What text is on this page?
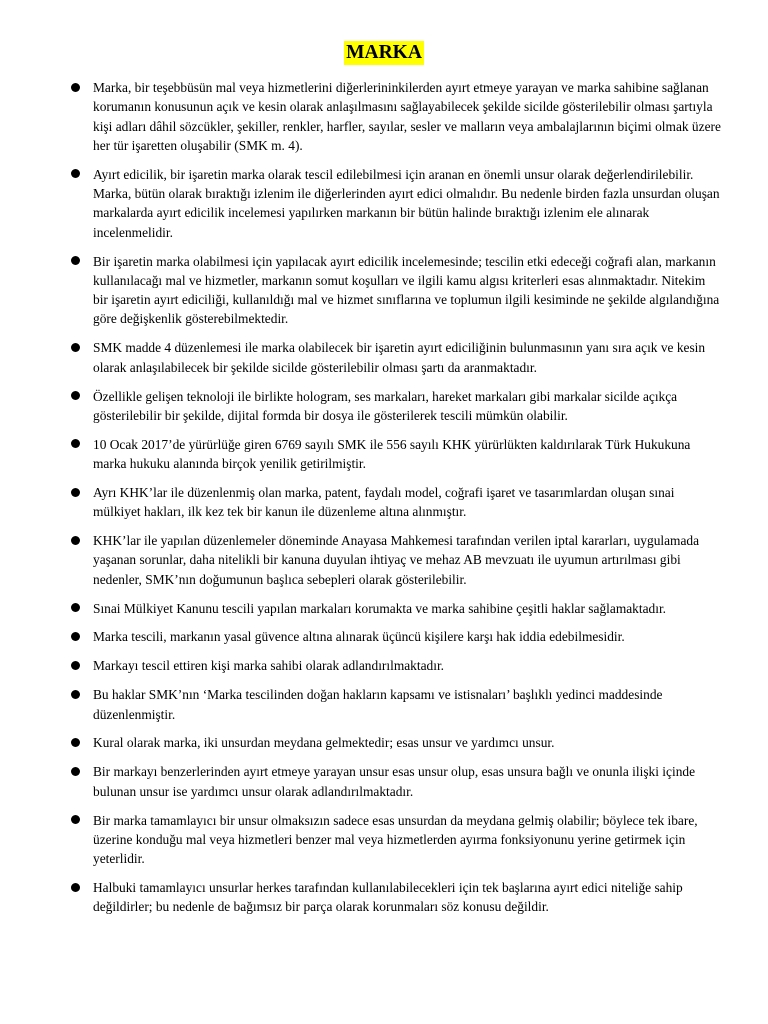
MARKA
Marka, bir teşebbüsün mal veya hizmetlerini diğerlerininkilerden ayırt etmeye yarayan ve marka sahibine sağlanan korumanın konusunun açık ve kesin olarak anlaşılmasını sağlayabilecek şekilde sicilde gösterilebilir olması şartıyla kişi adları dâhil sözcükler, şekiller, renkler, harfler, sayılar, sesler ve malların veya ambalajlarının biçimi olmak üzere her tür işaretten oluşabilir (SMK m. 4).
Ayırt edicilik, bir işaretin marka olarak tescil edilebilmesi için aranan en önemli unsur olarak değerlendirilebilir. Marka, bütün olarak bıraktığı izlenim ile diğerlerinden ayırt edici olmalıdır. Bu nedenle birden fazla unsurdan oluşan markalarda ayırt edicilik incelemesi yapılırken markanın bir bütün halinde bıraktığı izlenim ele alınarak incelenmelidir.
Bir işaretin marka olabilmesi için yapılacak ayırt edicilik incelemesinde; tescilin etki edeceği coğrafi alan, markanın kullanılacağı mal ve hizmetler, markanın somut koşulları ve ilgili kamu algısı kriterleri esas alınmaktadır. Nitekim bir işaretin ayırt ediciliği, kullanıldığı mal ve hizmet sınıflarına ve toplumun ilgili kesiminde ne şekilde algılandığına göre değişkenlik gösterebilmektedir.
SMK madde 4 düzenlemesi ile marka olabilecek bir işaretin ayırt ediciliğinin bulunmasının yanı sıra açık ve kesin olarak anlaşılabilecek bir şekilde sicilde gösterilebilir olması şartı da aranmaktadır.
Özellikle gelişen teknoloji ile birlikte hologram, ses markaları, hareket markaları gibi markalar sicilde açıkça gösterilebilir bir şekilde, dijital formda bir dosya ile gösterilerek tescili mümkün olabilir.
10 Ocak 2017’de yürürlüğe giren 6769 sayılı SMK ile 556 sayılı KHK yürürlükten kaldırılarak Türk Hukukuna marka hukuku alanında birçok yenilik getirilmiştir.
Ayrı KHK’lar ile düzenlenmiş olan marka, patent, faydalı model, coğrafi işaret ve tasarımlardan oluşan sınai mülkiyet hakları, ilk kez tek bir kanun ile düzenleme altına alınmıştır.
KHK’lar ile yapılan düzenlemeler döneminde Anayasa Mahkemesi tarafından verilen iptal kararları, uygulamada yaşanan sorunlar, daha nitelikli bir kanuna duyulan ihtiyaç ve mehaz AB mevzuatı ile uyumun artırılması gibi nedenler, SMK’nın doğumunun başlıca sebepleri olarak gösterilebilir.
Sınai Mülkiyet Kanunu tescili yapılan markaları korumakta ve marka sahibine çeşitli haklar sağlamaktadır.
Marka tescili, markanın yasal güvence altına alınarak üçüncü kişilere karşı hak iddia edebilmesidir.
Markayı tescil ettiren kişi marka sahibi olarak adlandırılmaktadır.
Bu haklar SMK’nın ‘Marka tescilinden doğan hakların kapsamı ve istisnaları’ başlıklı yedinci maddesinde düzenlenmiştir.
Kural olarak marka, iki unsurdan meydana gelmektedir; esas unsur ve yardımcı unsur.
Bir markayı benzerlerinden ayırt etmeye yarayan unsur esas unsur olup, esas unsura bağlı ve onunla ilişki içinde bulunan unsur ise yardımcı unsur olarak adlandırılmaktadır.
Bir marka tamamlayıcı bir unsur olmaksızın sadece esas unsurdan da meydana gelmiş olabilir; böylece tek ibare, üzerine konduğu mal veya hizmetleri benzer mal veya hizmetlerden ayırma fonksiyonunu yerine getirmek için yeterlidir.
Halbuki tamamlayıcı unsurlar herkes tarafından kullanılabilecekleri için tek başlarına ayırt edici niteliğe sahip değildirler; bu nedenle de bağımsız bir parça olarak korunmaları söz konusu değildir.
